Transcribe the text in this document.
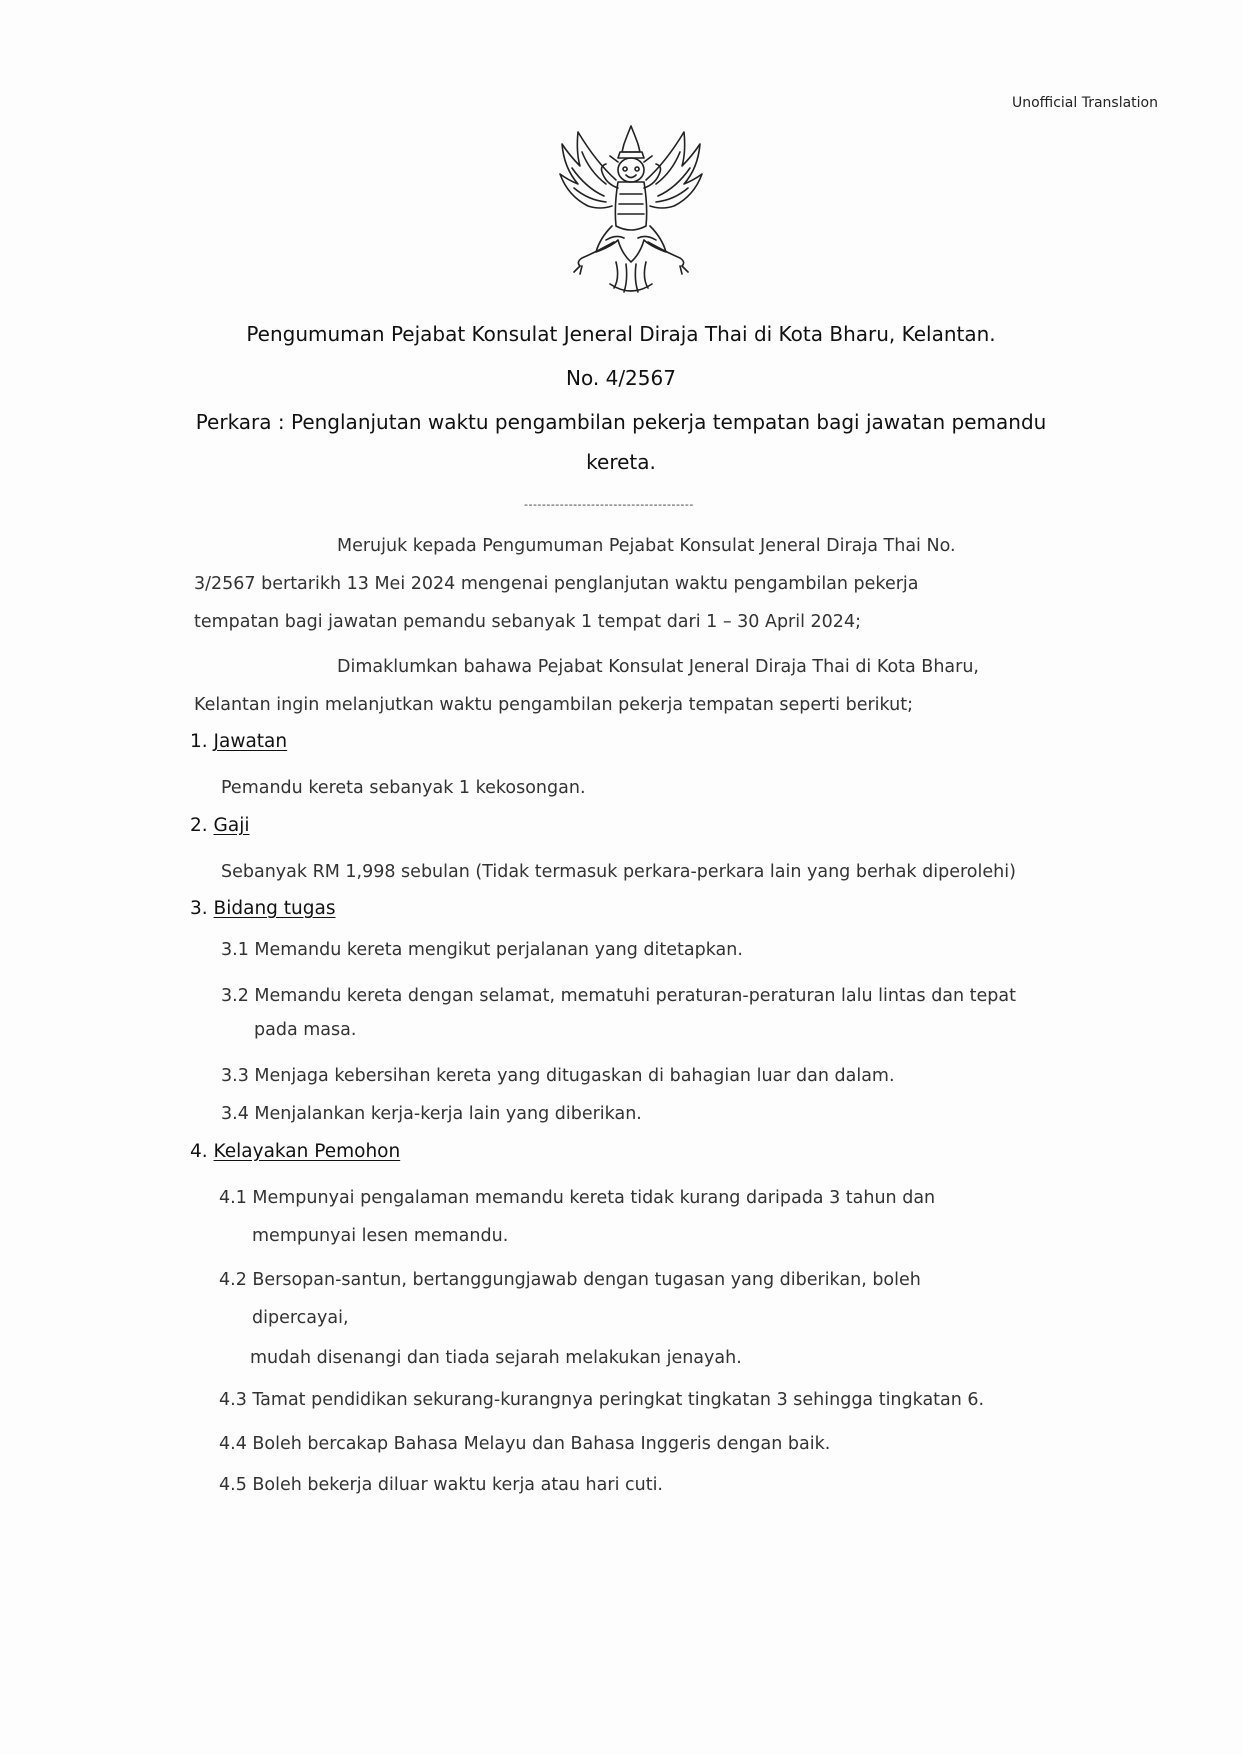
Unofficial Translation
Pengumuman Pejabat Konsulat Jeneral Diraja Thai di Kota Bharu, Kelantan.
No. 4/2567
Perkara : Penglanjutan waktu pengambilan pekerja tempatan bagi jawatan pemandu
kereta.
--------------------------------------
Merujuk kepada Pengumuman Pejabat Konsulat Jeneral Diraja Thai No.
3/2567 bertarikh 13 Mei 2024 mengenai penglanjutan waktu pengambilan pekerja
tempatan bagi jawatan pemandu sebanyak 1 tempat dari 1 – 30 April 2024;
Dimaklumkan bahawa Pejabat Konsulat Jeneral Diraja Thai di Kota Bharu,
Kelantan ingin melanjutkan waktu pengambilan pekerja tempatan seperti berikut;
1. Jawatan
Pemandu kereta sebanyak 1 kekosongan.
2. Gaji
Sebanyak RM 1,998 sebulan (Tidak termasuk perkara-perkara lain yang berhak diperolehi)
3. Bidang tugas
3.1 Memandu kereta mengikut perjalanan yang ditetapkan.
3.2 Memandu kereta dengan selamat, mematuhi peraturan-peraturan lalu lintas dan tepat
pada masa.
3.3 Menjaga kebersihan kereta yang ditugaskan di bahagian luar dan dalam.
3.4 Menjalankan kerja-kerja lain yang diberikan.
4. Kelayakan Pemohon
4.1 Mempunyai pengalaman memandu kereta tidak kurang daripada 3 tahun dan
mempunyai lesen memandu.
4.2 Bersopan-santun, bertanggungjawab dengan tugasan yang diberikan, boleh
dipercayai,
mudah disenangi dan tiada sejarah melakukan jenayah.
4.3 Tamat pendidikan sekurang-kurangnya peringkat tingkatan 3 sehingga tingkatan 6.
4.4 Boleh bercakap Bahasa Melayu dan Bahasa Inggeris dengan baik.
4.5 Boleh bekerja diluar waktu kerja atau hari cuti.
